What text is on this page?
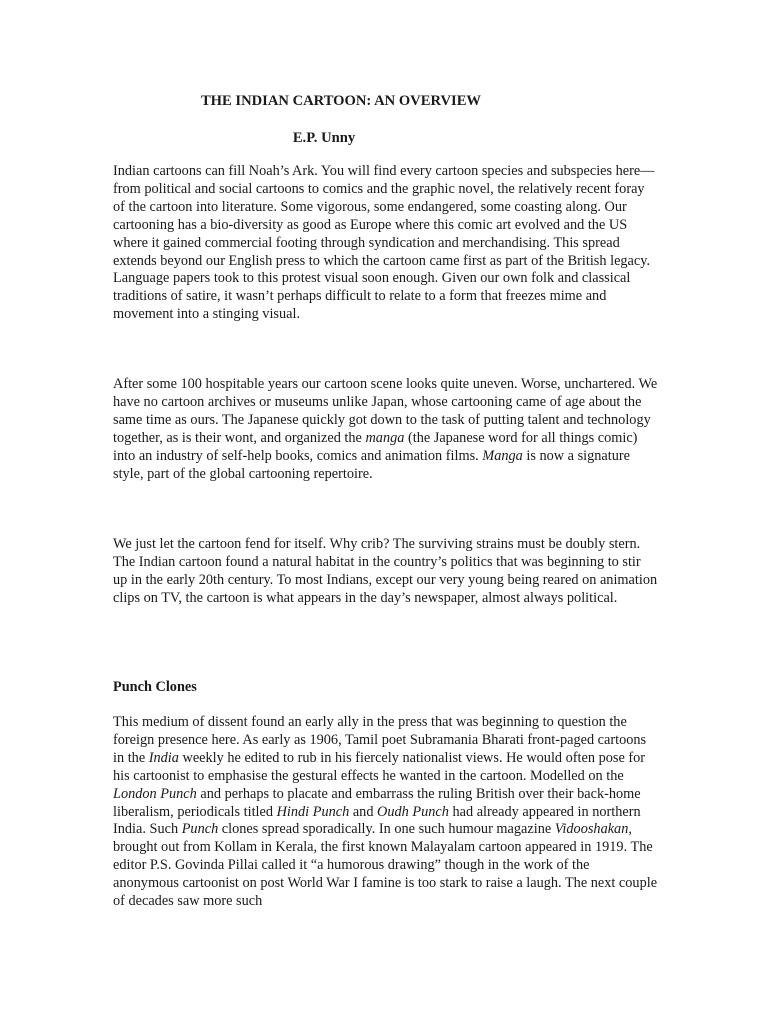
THE INDIAN CARTOON: AN OVERVIEW

E.P. Unny

Indian cartoons can fill Noah’s Ark. You will find every cartoon species and subspecies here—from political and social cartoons to comics and the graphic novel, the relatively recent foray of the cartoon into literature. Some vigorous, some endangered, some coasting along. Our cartooning has a bio-diversity as good as Europe where this comic art evolved and the US where it gained commercial footing through syndication and merchandising. This spread extends beyond our English press to which the cartoon came first as part of the British legacy. Language papers took to this protest visual soon enough. Given our own folk and classical traditions of satire, it wasn’t perhaps difficult to relate to a form that freezes mime and movement into a stinging visual.

After some 100 hospitable years our cartoon scene looks quite uneven. Worse, unchartered. We have no cartoon archives or museums unlike Japan, whose cartooning came of age about the same time as ours. The Japanese quickly got down to the task of putting talent and technology together, as is their wont, and organized the manga (the Japanese word for all things comic) into an industry of self-help books, comics and animation films. Manga is now a signature style, part of the global cartooning repertoire.

We just let the cartoon fend for itself. Why crib? The surviving strains must be doubly stern. The Indian cartoon found a natural habitat in the country’s politics that was beginning to stir up in the early 20th century. To most Indians, except our very young being reared on animation clips on TV, the cartoon is what appears in the day’s newspaper, almost always political.

Punch Clones

This medium of dissent found an early ally in the press that was beginning to question the foreign presence here. As early as 1906, Tamil poet Subramania Bharati front-paged cartoons in the India weekly he edited to rub in his fiercely nationalist views. He would often pose for his cartoonist to emphasise the gestural effects he wanted in the cartoon. Modelled on the London Punch and perhaps to placate and embarrass the ruling British over their back-home liberalism, periodicals titled Hindi Punch and Oudh Punch had already appeared in northern India. Such Punch clones spread sporadically. In one such humour magazine Vidooshakan, brought out from Kollam in Kerala, the first known Malayalam cartoon appeared in 1919. The editor P.S. Govinda Pillai called it “a humorous drawing” though in the work of the anonymous cartoonist on post World War I famine is too stark to raise a laugh. The next couple of decades saw more such
